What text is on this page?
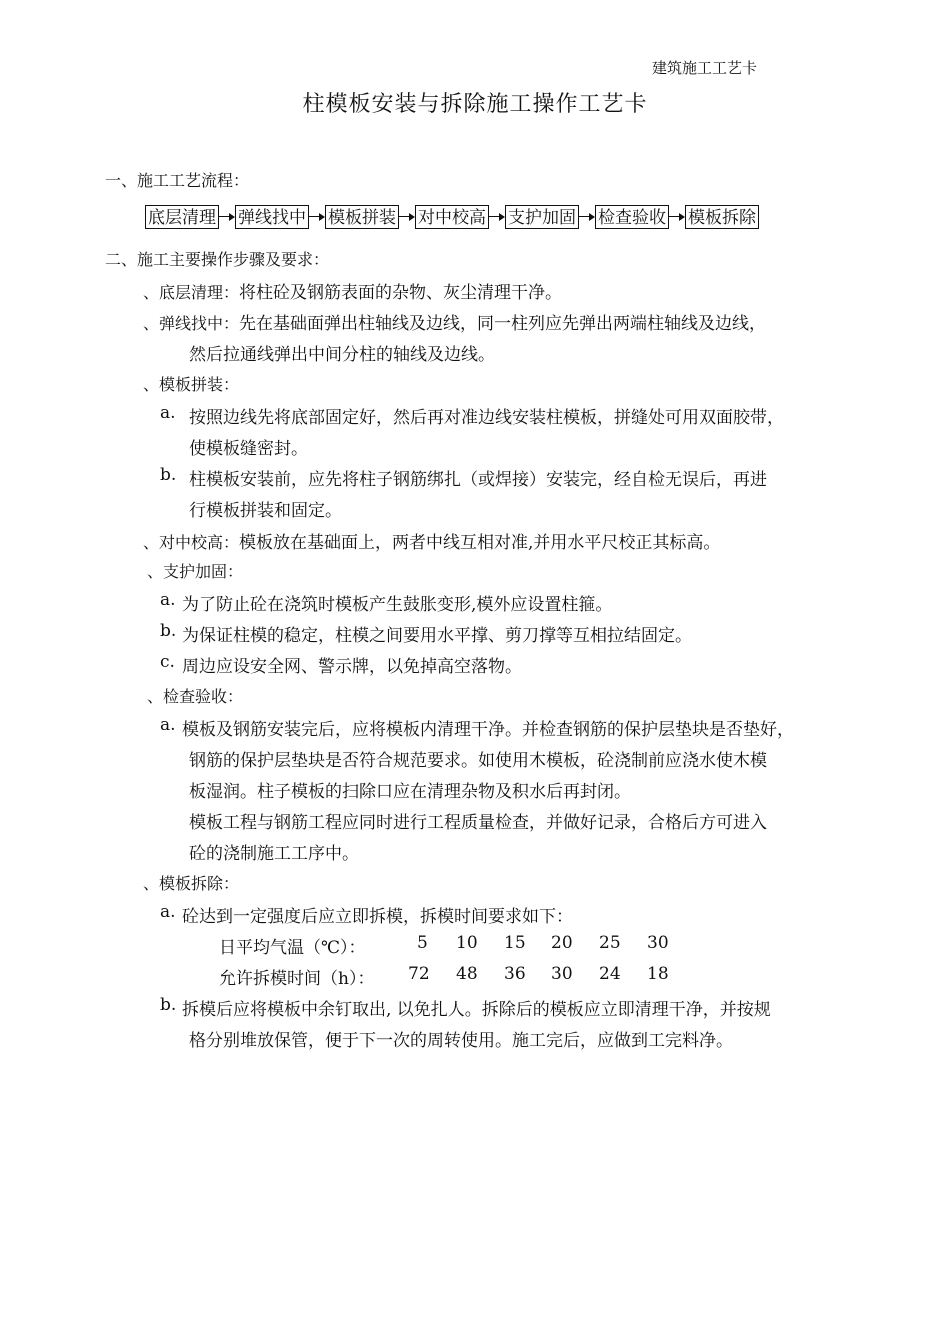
建筑施工工艺卡
柱模板安装与拆除施工操作工艺卡
一、施工工艺流程：
底层清理 弹线找中 模板拼装 对中校高 支护加固 检查验收 模板拆除
二、施工主要操作步骤及要求：
、底层清理：将柱砼及钢筋表面的杂物、灰尘清理干净。
、弹线找中：先在基础面弹出柱轴线及边线，同一柱列应先弹出两端柱轴线及边线，
然后拉通线弹出中间分柱的轴线及边线。
、模板拼装：
a. 按照边线先将底部固定好，然后再对准边线安装柱模板，拼缝处可用双面胶带，
使模板缝密封。
b. 柱模板安装前，应先将柱子钢筋绑扎（或焊接）安装完，经自检无误后，再进
行模板拼装和固定。
、对中校高：模板放在基础面上，两者中线互相对准,并用水平尺校正其标高。
、支护加固：
a. 为了防止砼在浇筑时模板产生鼓胀变形,模外应设置柱箍。
b. 为保证柱模的稳定，柱模之间要用水平撑、剪刀撑等互相拉结固定。
c. 周边应设安全网、警示牌，以免掉高空落物。
、检查验收：
a. 模板及钢筋安装完后，应将模板内清理干净。并检查钢筋的保护层垫块是否垫好，
钢筋的保护层垫块是否符合规范要求。如使用木模板，砼浇制前应浇水使木模
板湿润。柱子模板的扫除口应在清理杂物及积水后再封闭。
模板工程与钢筋工程应同时进行工程质量检查，并做好记录，合格后方可进入
砼的浇制施工工序中。
、模板拆除：
a. 砼达到一定强度后应立即拆模，拆模时间要求如下：
日平均气温（℃）：	5 10 15 20 25 30
允许拆模时间（h）： 72 48 36 30 24 18
b. 拆模后应将模板中余钉取出, 以免扎人。拆除后的模板应立即清理干净，并按规
格分别堆放保管，便于下一次的周转使用。施工完后，应做到工完料净。
